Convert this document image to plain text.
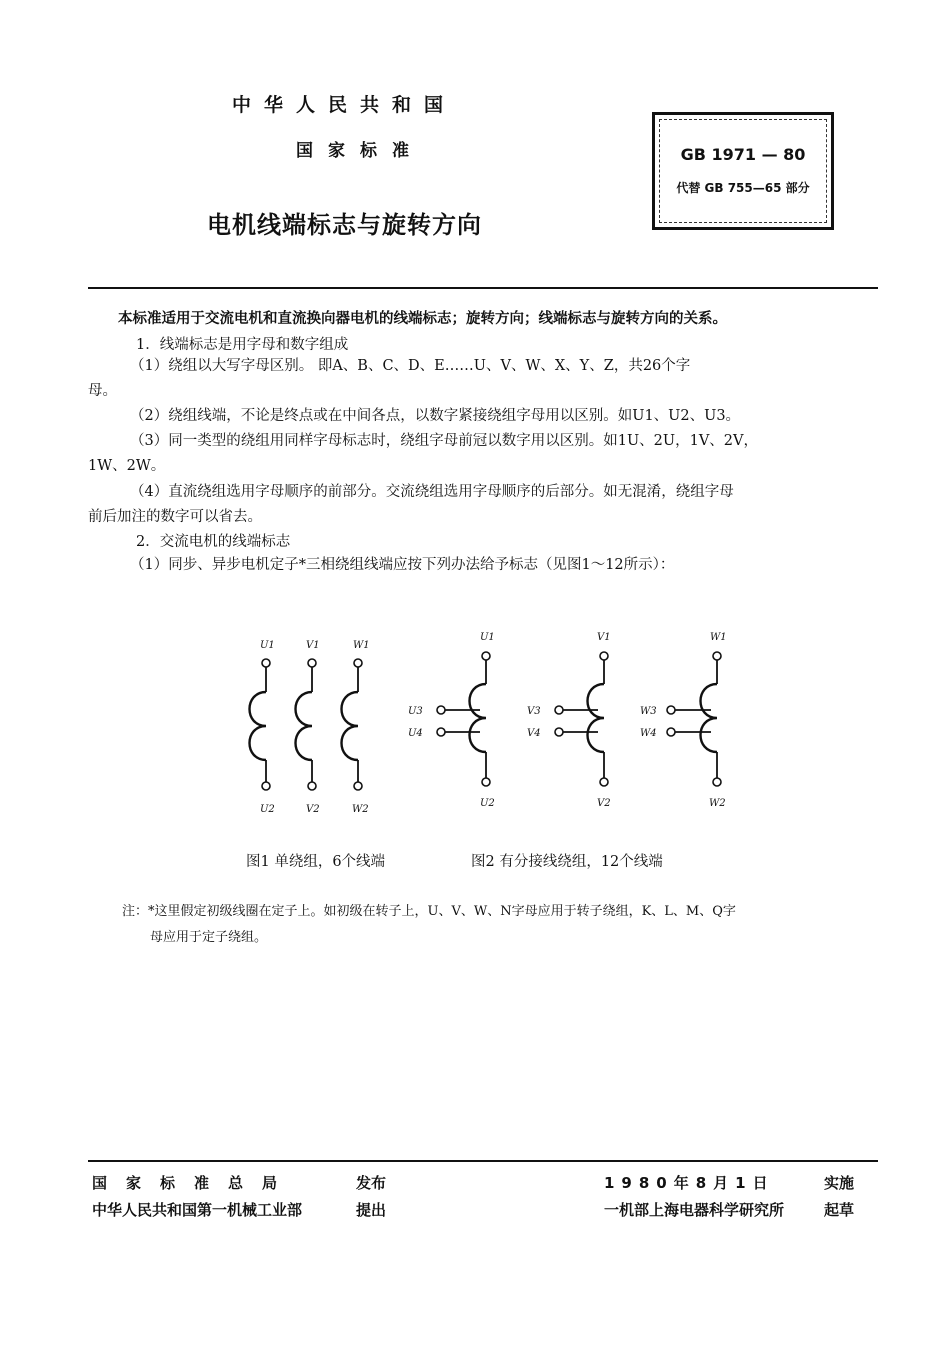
中华人民共和国
国家标准
电机线端标志与旋转方向
GB 1971 — 80
代替 GB 755—65 部分
本标准适用于交流电机和直流换向器电机的线端标志；旋转方向；线端标志与旋转方向的关系。
1．线端标志是用字母和数字组成
（1）绕组以大写字母区别。 即A、B、C、D、E……U、V、W、X、Y、Z，共26个字
母。
（2）绕组线端，不论是终点或在中间各点，以数字紧接绕组字母用以区别。如U1、U2、U3。
（3）同一类型的绕组用同样字母标志时，绕组字母前冠以数字用以区别。如1U、2U，1V、2V，
1W、2W。
（4）直流绕组选用字母顺序的前部分。交流绕组选用字母顺序的后部分。如无混淆，绕组字母
前后加注的数字可以省去。
2．交流电机的线端标志
（1）同步、异步电机定子*三相绕组线端应按下列办法给予标志（见图1～12所示）：
U1
U2
V1
V2
W1
W2
U1
U2
U3
U4
V1
V2
V3
V4
W1
W2
W3
W4
图1 单绕组，6个线端	图2 有分接线绕组，12个线端
注：*这里假定初级线圈在定子上。如初级在转子上，U、V、W、N字母应用于转子绕组，K、L、M、Q字
母应用于定子绕组。
国家标准总局	发布	1980年8月1日	实施
中华人民共和国第一机械工业部	提出	一机部上海电器科学研究所	起草
